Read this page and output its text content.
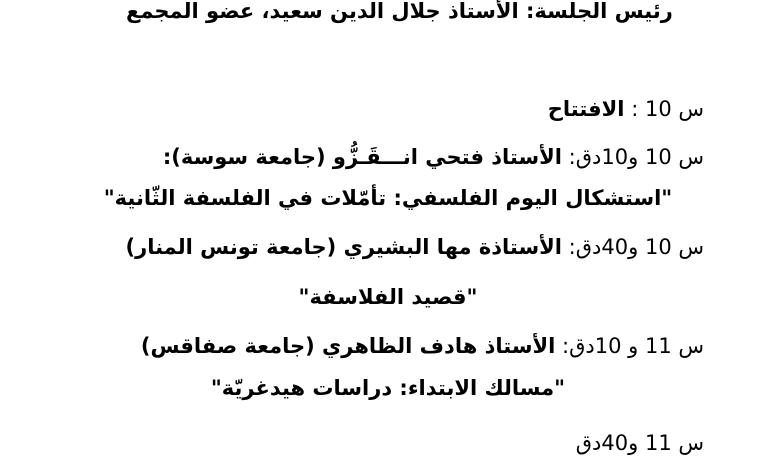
رئيس الجلسة: الأستاذ جلال الدين سعيد، عضو المجمع
س 10 : الافتتاح
س 10 و10دق: الأستاذ فتحي انـــقَـزُّو (جامعة سوسة):
"استشكال اليوم الفلسفي: تأمّلات في الفلسفة الثّانية"
س 10 و40دق: الأستاذة مها البشيري (جامعة تونس المنار)
"قصيد الفلاسفة"
س 11 و 10دق: الأستاذ هادف الظاهري (جامعة صفاقس)
"مسالك الابتداء: دراسات هيدغريّة"
س 11 و40دق
